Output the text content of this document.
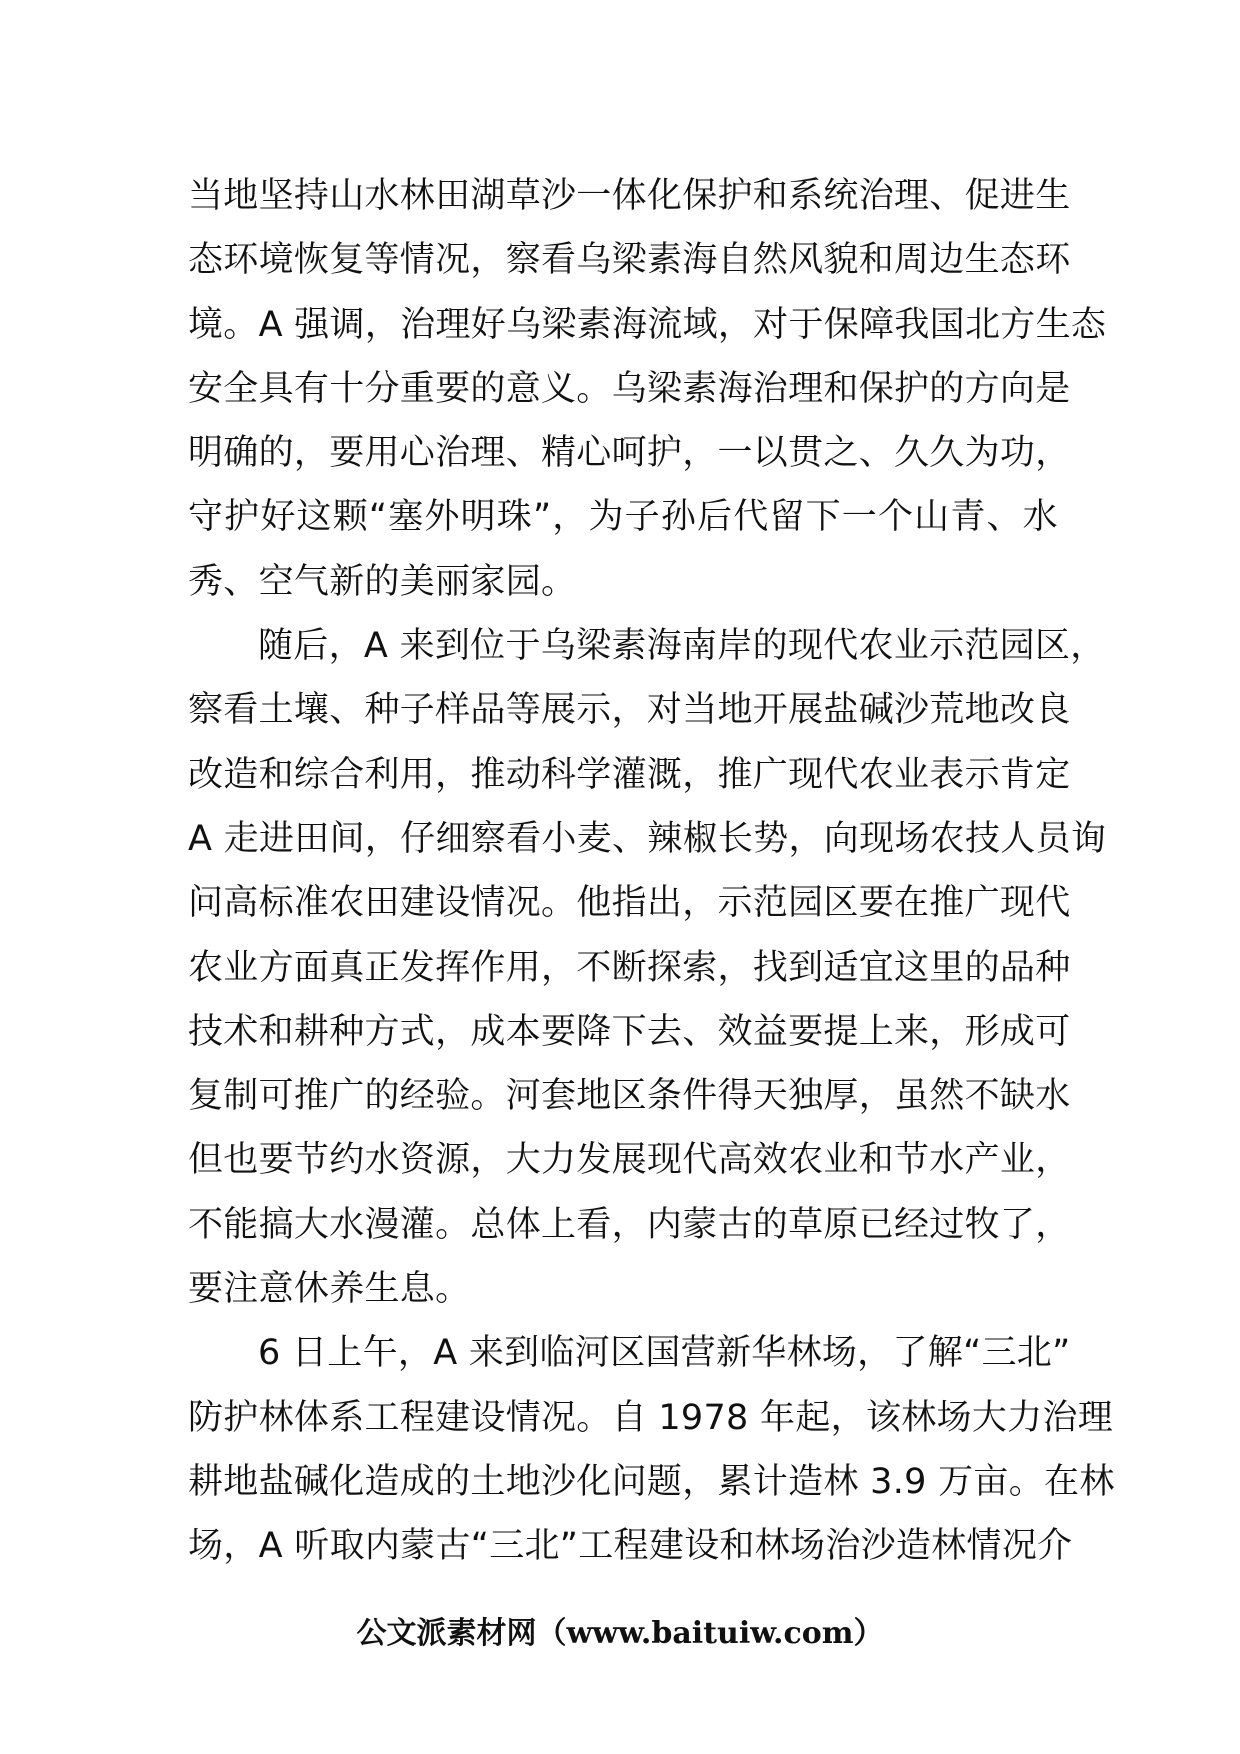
当地坚持山水林田湖草沙一体化保护和系统治理、促进生
态环境恢复等情况，察看乌梁素海自然风貌和周边生态环
境。A 强调，治理好乌梁素海流域，对于保障我国北方生态
安全具有十分重要的意义。乌梁素海治理和保护的方向是
明确的，要用心治理、精心呵护，一以贯之、久久为功，
守护好这颗“塞外明珠”，为子孙后代留下一个山青、水
秀、空气新的美丽家园。
随后，A 来到位于乌梁素海南岸的现代农业示范园区，
察看土壤、种子样品等展示，对当地开展盐碱沙荒地改良
改造和综合利用，推动科学灌溉，推广现代农业表示肯定
A 走进田间，仔细察看小麦、辣椒长势，向现场农技人员询
问高标准农田建设情况。他指出，示范园区要在推广现代
农业方面真正发挥作用，不断探索，找到适宜这里的品种
技术和耕种方式，成本要降下去、效益要提上来，形成可
复制可推广的经验。河套地区条件得天独厚，虽然不缺水
但也要节约水资源，大力发展现代高效农业和节水产业，
不能搞大水漫灌。总体上看，内蒙古的草原已经过牧了，
要注意休养生息。
6 日上午，A 来到临河区国营新华林场，了解“三北”
防护林体系工程建设情况。自 1978 年起，该林场大力治理
耕地盐碱化造成的土地沙化问题，累计造林 3.9 万亩。在林
场，A 听取内蒙古“三北”工程建设和林场治沙造林情况介
公文派素材网（www.baituiw.com）
